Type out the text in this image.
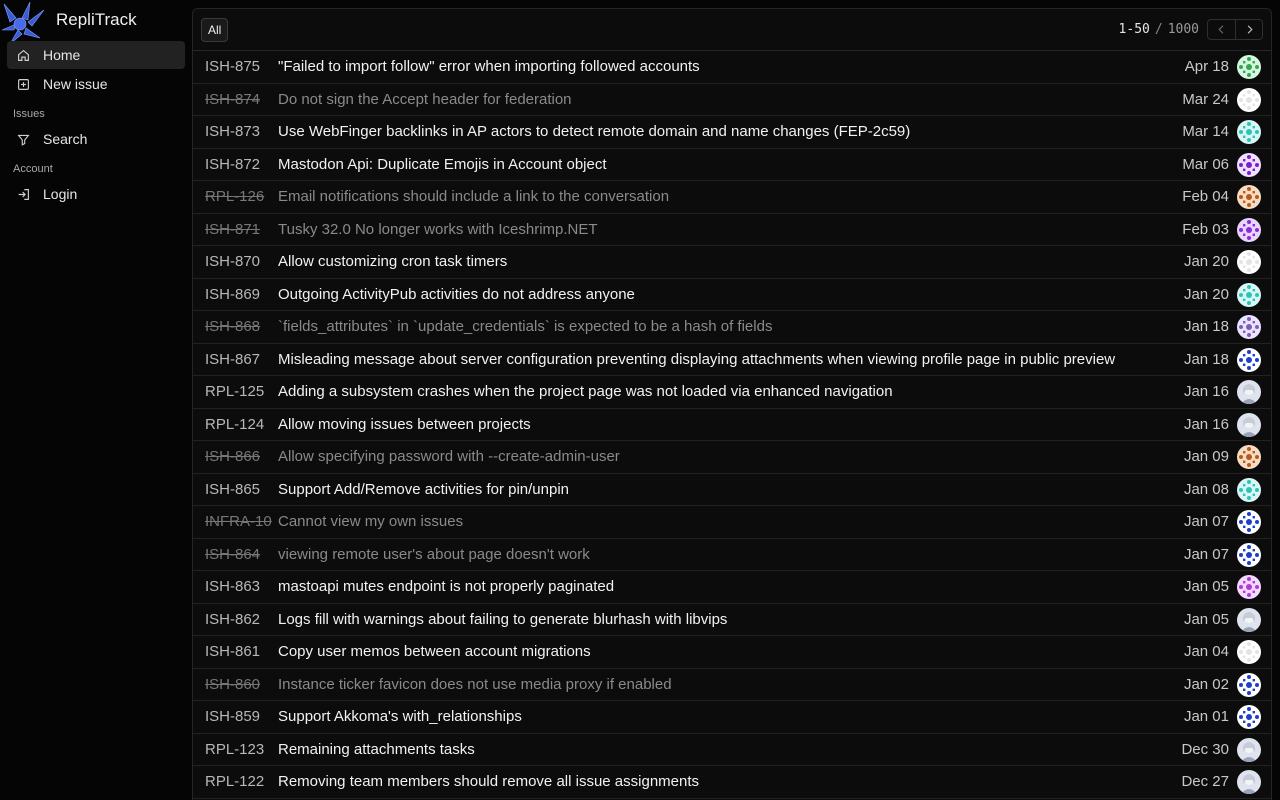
RepliTrack
Home
New issue
Issues
Search
Account
Login
All	1-50 / 1000
ISH-875 "Failed to import follow" error when importing followed accounts	Apr 18
ISH-874 Do not sign the Accept header for federation	Mar 24
ISH-873 Use WebFinger backlinks in AP actors to detect remote domain and name changes (FEP-2c59)	Mar 14
ISH-872 Mastodon Api: Duplicate Emojis in Account object	Mar 06
RPL-126 Email notifications should include a link to the conversation	Feb 04
ISH-871 Tusky 32.0 No longer works with Iceshrimp.NET	Feb 03
ISH-870 Allow customizing cron task timers	Jan 20
ISH-869 Outgoing ActivityPub activities do not address anyone	Jan 20
ISH-868 `fields_attributes` in `update_credentials` is expected to be a hash of fields	Jan 18
ISH-867 Misleading message about server configuration preventing displaying attachments when viewing profile page in public preview	Jan 18
RPL-125 Adding a subsystem crashes when the project page was not loaded via enhanced navigation	Jan 16
RPL-124 Allow moving issues between projects	Jan 16
ISH-866 Allow specifying password with --create-admin-user	Jan 09
ISH-865 Support Add/Remove activities for pin/unpin	Jan 08
INFRA-10 Cannot view my own issues	Jan 07
ISH-864 viewing remote user's about page doesn't work	Jan 07
ISH-863 mastoapi mutes endpoint is not properly paginated	Jan 05
ISH-862 Logs fill with warnings about failing to generate blurhash with libvips	Jan 05
ISH-861 Copy user memos between account migrations	Jan 04
ISH-860 Instance ticker favicon does not use media proxy if enabled	Jan 02
ISH-859 Support Akkoma's with_relationships	Jan 01
RPL-123 Remaining attachments tasks	Dec 30
RPL-122 Removing team members should remove all issue assignments	Dec 27
